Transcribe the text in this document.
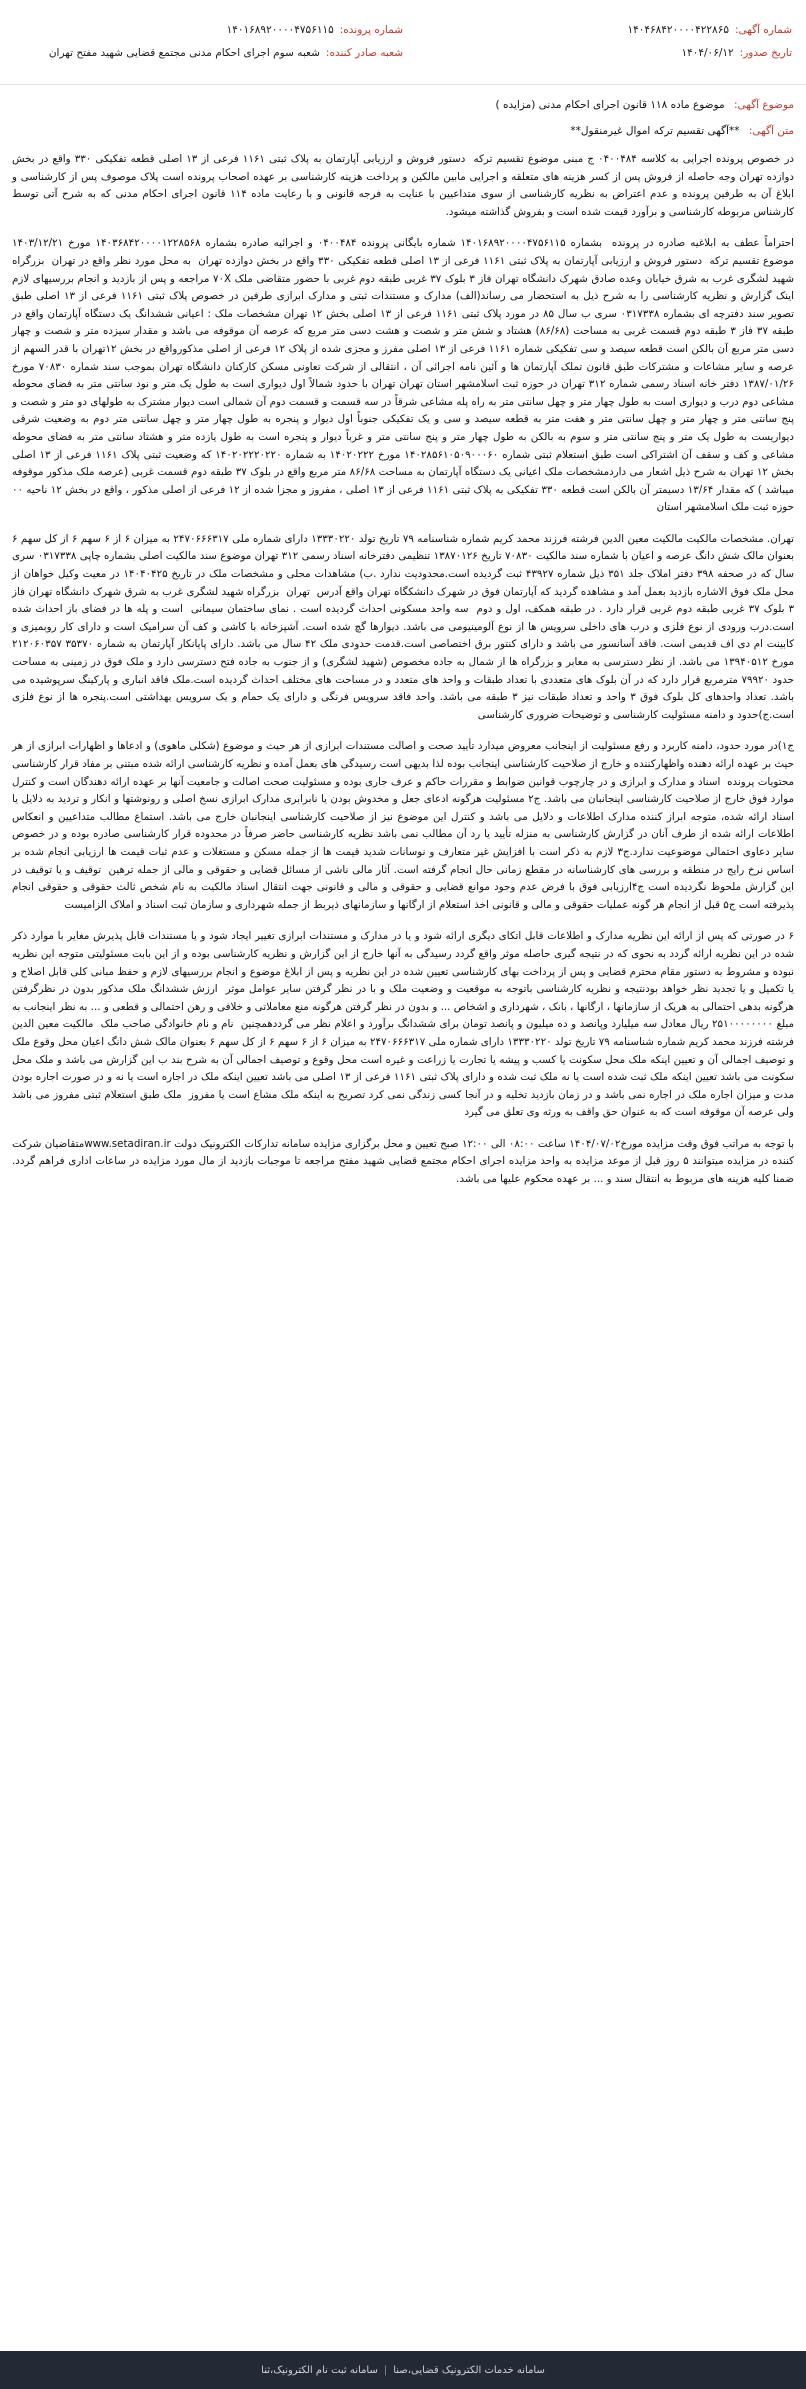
شماره آگهی:
۱۴۰۴۶۸۴۲۰۰۰۰۴۲۲۸۶۵
تاریخ صدور:
۱۴۰۴/۰۶/۱۲
شماره پرونده:
۱۴۰۱۶۸۹۲۰۰۰۰۴۷۵۶۱۱۵
شعبه صادر کننده:
شعبه سوم اجرای احکام مدنی مجتمع قضایی شهید مفتح تهران
موضوع آگهی: موضوع ماده ۱۱۸ قانون اجرای احکام مدنی (مزایده )
متن آگهی: **آگهی تقسیم ترکه اموال غیرمنقول**

در خصوص پرونده اجرایی به کلاسه ۰۴۰۰۴۸۴ ج مبنی موضوع تقسیم ترکه  دستور فروش و ارزیابی آپارتمان به پلاک ثبتی ۱۱۶۱ فرعی از ۱۳ اصلی قطعه تفکیکی ۳۳۰ واقع در بخش دوازده تهران وجه حاصله از فروش پس از کسر هزینه های متعلقه و اجرایی مابین مالکین و پرداخت هزینه کارشناسی بر عهده اصحاب پرونده است پلاک موصوف پس از کارشناسی و ابلاغ آن به طرفین پرونده و عدم اعتراض به نظریه کارشناسی از سوی متداعیین با عنایت به فرجه قانونی و با رعایت ماده ۱۱۴ قانون اجرای احکام مدنی که به شرح آتی توسط کارشناس مربوطه کارشناسی و برآورد قیمت شده است و بفروش گذاشته میشود.

احتراماً عطف به ابلاغیه صادره در پرونده  بشماره ۱۴۰۱۶۸۹۲۰۰۰۰۴۷۵۶۱۱۵ شماره بایگانی پرونده ۰۴۰۰۴۸۴ و اجرائیه صادره بشماره ۱۴۰۳۶۸۴۲۰۰۰۰۱۲۲۸۵۶۸ مورخ ۱۴۰۳/۱۲/۲۱ موضوع تقسیم ترکه  دستور فروش و ارزیابی آپارتمان به پلاک ثبتی ۱۱۶۱ فرعی از ۱۳ اصلی قطعه تفکیکی ۳۳۰ واقع در بخش دوازده تهران  به محل مورد نظر واقع در تهران  بزرگراه شهید لشگری غرب به شرق خیابان وعده صادق شهرک دانشگاه تهران فاز ۳ بلوک ۳۷ غربی طبقه دوم غربی با حضور متقاضی ملک ۷۰X مراجعه و پس از بازدید و انجام بررسیهای لازم اینک گزارش و نظریه کارشناسی را به شرح ذیل به استحضار می رساند(الف) مدارک و مستندات ثبتی و مدارک ابرازی طرفین در خصوص پلاک ثبتی ۱۱۶۱ فرعی از ۱۳ اصلی طبق تصویر سند دفترچه ای بشماره ۰۳۱۷۳۳۸ سری ب سال ۸۵ در مورد پلاک ثبتی ۱۱۶۱ فرعی از ۱۳ اصلی بخش ۱۲ تهران مشخصات ملک : اعیانی ششدانگ یک دستگاه آپارتمان واقع در طبقه ۳۷ فاز ۳ طبقه دوم قسمت غربی به مساحت (۸۶/۶۸) هشتاد و شش متر و شصت و هشت دسی متر مربع که عرصه آن موقوفه می باشد و مقدار سیزده متر و شصت و چهار دسی متر مربع آن بالکن است قطعه سیصد و سی تفکیکی شماره ۱۱۶۱ فرعی از ۱۳ اصلی مفرز و مجزی شده از پلاک ۱۲ فرعی از اصلی مذکورواقع در بخش ۱۲تهران با قدر السهم از عرصه و سایر مشاعات و مشترکات طبق قانون تملک آپارتمان ها و آئین نامه اجرائی آن ، انتقالی از شرکت تعاونی مسکن کارکنان دانشگاه تهران بموجب سند شماره ۷۰۸۳۰ مورخ ۱۳۸۷/۰۱/۲۶ دفتر خانه اسناد رسمی شماره ۳۱۲ تهران در حوزه ثبت اسلامشهر استان تهران تهران با حدود شمالاً اول دیواری است به طول یک متر و نود سانتی متر به فضای محوطه مشاعی دوم درب و دیواری است به طول چهار متر و چهل سانتی متر به راه پله مشاعی شرقاً در سه قسمت و قسمت دوم آن شمالی است دیوار مشترک به طولهای دو متر و شصت و پنج سانتی متر و چهار متر و چهل سانتی متر و هفت متر به قطعه سیصد و سی و یک تفکیکی جنوباً اول دیوار و پنجره به طول چهار متر و چهل سانتی متر دوم به وضعیت شرقی دیواریست به طول یک متر و پنج سانتی متر و سوم به بالکن به طول چهار متر و پنج سانتی متر و غرباً دیوار و پنجره است به طول یازده متر و هشتاد سانتی متر به فضای محوطه مشاعی و کف و سقف آن اشتراکی است طبق استعلام ثبتی شماره ۱۴۰۲۸۵۶۱۰۵۰۹۰۰۰۶۰ مورخ ۱۴۰۲۰۲۲۲ به شماره ۱۴۰۲۰۲۲۲۰۲۲۰ که وضعیت ثبتی پلاک ۱۱۶۱ فرعی از ۱۳ اصلی بخش ۱۲ تهران به شرح ذیل اشعار می داردمشخصات ملک اعیانی یک دستگاه آپارتمان به مساحت ۸۶/۶۸ متر مربع واقع در بلوک ۳۷ طبقه دوم قسمت غربی (عرصه ملک مذکور موقوفه میباشد ) که مقدار ۱۳/۶۴ دسیمتر آن بالکن است قطعه ۳۳۰ تفکیکی به پلاک ثبتی ۱۱۶۱ فرعی از ۱۳ اصلی ، مفروز و مجزا شده از ۱۲ فرعی از اصلی مذکور ، واقع در بخش ۱۲ ناحیه ۰۰ حوزه ثبت ملک اسلامشهر استان

تهران. مشخصات مالکیت مالکیت معین الدین فرشته فرزند محمد کریم شماره شناسنامه ۷۹ تاریخ تولد ۱۳۳۳۰۲۲۰ دارای شماره ملی ۲۴۷۰۶۶۶۳۱۷ به میزان ۶ از ۶ سهم ۶ از کل سهم ۶ بعنوان مالک شش دانگ عرصه و اعیان با شماره سند مالکیت ۷۰۸۳۰ تاریخ ۱۳۸۷۰۱۲۶ تنظیمی دفترخانه اسناد رسمی ۳۱۲ تهران موضوع سند مالکیت اصلی بشماره چاپی ۰۳۱۷۳۳۸ سری سال که در صحفه ۳۹۸ دفتر املاک جلد ۳۵۱ ذیل شماره ۴۳۹۲۷ ثبت گردیده است.محدودیت ندارد .ب) مشاهدات محلی و مشخصات ملک در تاریخ ۱۴۰۴۰۴۲۵ در معیت وکیل خواهان از محل ملک فوق الاشاره بازدید بعمل آمد و مشاهده گردید که آپارتمان فوق در شهرک دانشکگاه تهران واقع آدرس  تهران  بزرگراه شهید لشگری غرب به شرق شهرک دانشگاه تهران فاز ۳ بلوک ۳۷ غربی طبقه دوم غربی قرار دارد . در طبقه همکف، اول و دوم  سه واحد مسکونی احداث گردیده است . نمای ساختمان سیمانی  است و پله ها در فضای باز احداث شده است.درب ورودی از نوع فلزی و درب های داخلی سرویس ها از نوع آلومینیومی می باشد. دیوارها گچ شده است. آشپزخانه با کاشی و کف آن سرامیک است و دارای کار روبمیزی و کابینت ام دی اف قدیمی است. فاقد آسانسور می باشد و دارای کنتور برق اختصاصی است.قدمت حدودی ملک ۴۲ سال می باشد. دارای پایانکار آپارتمان به شماره ۳۵۳۷۰ ۲۱۲۰۶۰۳۵۷ مورخ ۱۳۹۴۰۵۱۲ می باشد. از نظر دسترسی به معابر و بزرگراه ها از شمال به جاده مخصوص (شهید لشگری) و از جنوب به جاده فتح دسترسی دارد و ملک فوق در زمینی به مساحت حدود ۷۹۹۲۰ مترمربع قرار دارد که در آن بلوک های متعددی با تعداد طبقات و واحد های متعدد و در مساحت های مختلف احداث گردیده است.ملک فاقد انباری و پارکینگ سرپوشیده می باشد. تعداد واحدهای کل بلوک فوق ۳ واحد و تعداد طبقات نیز ۳ طبقه می باشد. واحد فاقد سرویس فرنگی و دارای یک حمام و یک سرویس بهداشتی است.پنجره ها از نوع فلزی است.ج)حدود و دامنه مسئولیت کارشناسی و توضیحات ضروری کارشناسی

ج۱)در مورد حدود، دامنه کاربرد و رفع مسئولیت از اینجانب معروض میدارد تأیید صحت و اصالت مستندات ابرازی از هر حیث و موضوع (شکلی ماهوی) و ادعاها و اظهارات ابرازی از هر حیث بر عهده ارائه دهنده واظهارکننده و خارج از صلاحیت کارشناسی اینجانب بوده لذا بدیهی است رسیدگی های بعمل آمده و نظریه کارشناسی ارائه شده مبتنی بر مفاد قرار کارشناسی محتویات پرونده  اسناد و مدارک و ابرازی و در چارچوب قوانین ضوابط و مقررات حاکم و عرف جاری بوده و مسئولیت صحت اصالت و جامعیت آنها بر عهده ارائه دهندگان است و کنترل موارد فوق خارج از صلاحیت کارشناسی اینجانبان می باشد. ج۲ مسئولیت هرگونه ادعای جعل و مخدوش بودن یا نابرابری مدارک ابرازی نسخ اصلی و رونوشتها و انکار و تردید به دلایل یا اسناد ارائه شده، متوجه ابراز کننده مدارک اطلاعات و دلایل می باشد و کنترل این موضوع نیز از صلاحیت کارشناسی اینجانبان خارج می باشد. استماع مطالب متداعیین و انعکاس اطلاعات ارائه شده از طرف آنان در گزارش کارشناسی به منزله تأیید یا رد آن مطالب نمی باشد نظریه کارشناسی حاضر صرفاً در محدوده قرار کارشناسی صادره بوده و در خصوص سایر دعاوی احتمالی موضوعیت ندارد.ج۳ لازم به ذکر است با افزایش غیر متعارف و نوسانات شدید قیمت ها از جمله مسکن و مستغلات و عدم ثبات قیمت ها ارزیابی انجام شده بر اساس نرخ رایج در منطقه و بررسی های کارشناسانه در مقطع زمانی حال انجام گرفته است. آثار مالی ناشی از مسائل قضایی و حقوقی و مالی از جمله ترهین  توقیف و یا توقیف در این گزارش ملحوظ نگردیده است ج۴ارزیابی فوق با فرض عدم وجود موانع قضایی و حقوقی و مالی و قانونی جهت انتقال اسناد مالکیت به نام شخص ثالث حقوقی و حقوقی انجام پذیرفته است ج۵ قبل از انجام هر گونه عملیات حقوقی و مالی و قانونی اخذ استعلام از ارگانها و سازمانهای ذیربط از جمله شهرداری و سازمان ثبت اسناد و املاک الزامیست

۶ در صورتی که پس از ارائه این نظریه مدارک و اطلاعات قابل اتکای دیگری ارائه شود و یا در مدارک و مستندات ابرازی تغییر ایجاد شود و یا مستندات قابل پذیرش مغایر با موارد ذکر شده در این نظریه ارائه گردد به نحوی که در نتیجه گیری حاصله موثر واقع گردد رسیدگی به آنها خارج از این گزارش و نظریه کارشناسی بوده و از این بابت مسئولیتی متوجه این نظریه نبوده و مشروط به دستور مقام محترم قضایی و پس از پرداخت بهای کارشناسی تعیین شده در این نظریه و پس از ابلاغ موضوع و انجام بررسیهای لازم و حفظ مبانی کلی قابل اصلاح و یا تکمیل و یا تجدید نظر خواهد بودنتیجه و نظریه کارشناسی باتوجه به موقعیت و وضعیت ملک و با در نظر گرفتن سایر عوامل موثر  ارزش ششدانگ ملک مذکور بدون در نظرگرفتن هرگونه بدهی احتمالی به هریک از سازمانها ، ارگانها ، بانک ، شهرداری و اشخاص ... و بدون در نظر گرفتن هرگونه منع معاملاتی و خلافی و رهن احتمالی و قطعی و ... به نظر اینجانب به مبلغ ۲۵۱۰۰۰۰۰۰۰۰ ریال معادل سه میلیارد وپانصد و ده میلیون و پانصد تومان برای ششدانگ برآورد و اعلام نظر می گرددهمچنین  نام و نام خانوادگی صاحب ملک  مالکیت معین الدین فرشته فرزند محمد کریم شماره شناسنامه ۷۹ تاریخ تولد ۱۳۳۳۰۲۲۰ دارای شماره ملی ۲۴۷۰۶۶۶۳۱۷ به میزان ۶ از ۶ سهم ۶ از کل سهم ۶ بعنوان مالک شش دانگ اعیان محل وقوع ملک و توصیف اجمالی آن و تعیین اینکه ملک محل سکونت یا کسب و پیشه یا تجارت یا زراعت و غیره است محل وقوع و توصیف اجمالی آن به شرح بند ب این گزارش می باشد و ملک محل سکونت می باشد تعیین اینکه ملک ثبت شده است یا نه ملک ثبت شده و دارای پلاک ثبتی ۱۱۶۱ فرعی از ۱۳ اصلی می باشد تعیین اینکه ملک در اجاره است یا نه و در صورت اجاره بودن مدت و میزان اجاره ملک در اجاره نمی باشد و در زمان بازدید تخلیه و در آنجا کسی زندگی نمی کرد تصریح به اینکه ملک مشاع است یا مفروز  ملک طبق استعلام ثبتی مفروز می باشد ولی عرصه آن موقوفه است که به عنوان حق واقف به ورثه وی تعلق می گیرد

با توجه به مراتب فوق وقت مزایده مورخ۱۴۰۴/۰۷/۰۲ ساعت ۰۸:۰۰ الی ۱۲:۰۰ صبح تعیین و محل برگزاری مزایده سامانه تدارکات الکترونیک دولت www.setadiran.irمتقاضیان شرکت کننده در مزایده میتوانند ۵ روز قبل از موعد مزایده به واحد مزایده اجرای احکام مجتمع قضایی شهید مفتح مراجعه تا موجبات بازدید از مال مورد مزایده در ساعات اداری فراهم گردد. ضمنا کلیه هزینه های مربوط به انتقال سند و ... بر عهده محکوم علیها می باشد.

سامانه خدمات الکترونیک قضایی،صنا
|
سامانه ثبت نام الکترونیک،ثنا
